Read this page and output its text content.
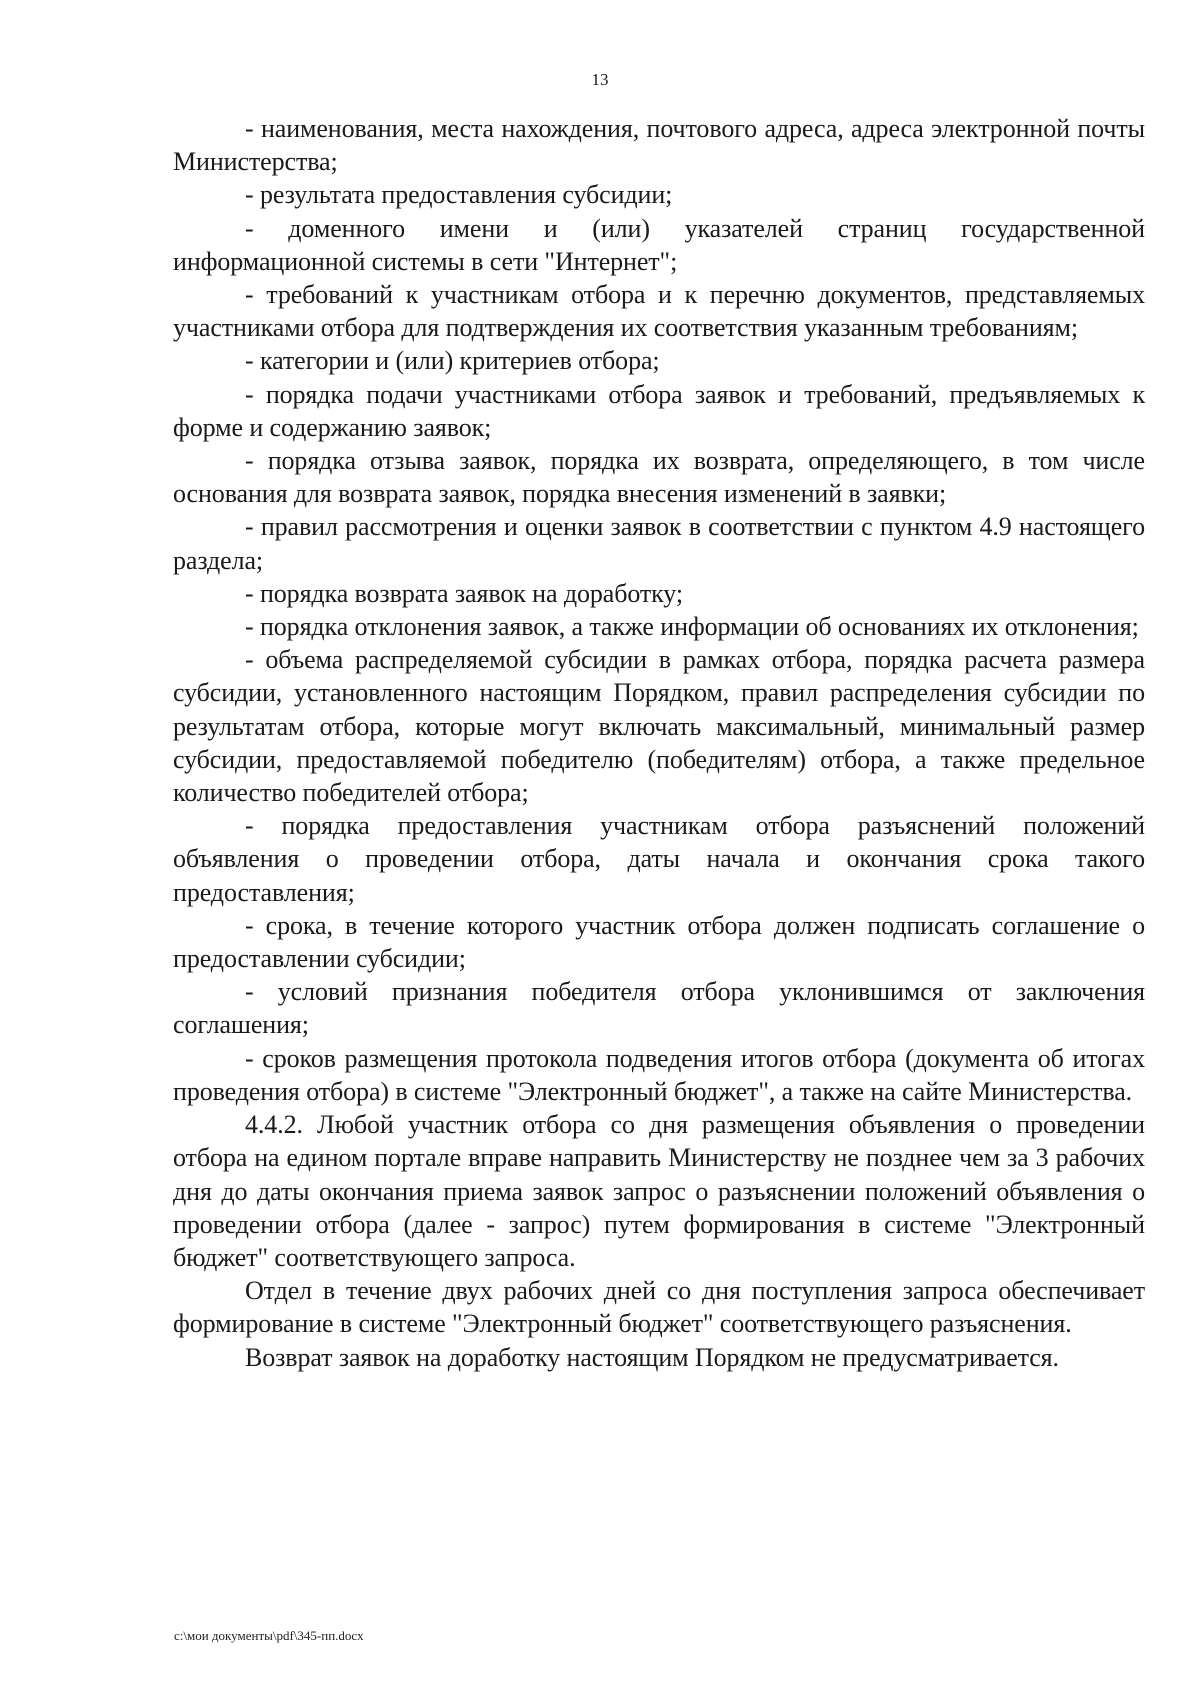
13

- наименования, места нахождения, почтового адреса, адреса электронной почты Министерства;

- результата предоставления субсидии;

- доменного имени и (или) указателей страниц государственной информационной системы в сети "Интернет";

- требований к участникам отбора и к перечню документов, представляемых участниками отбора для подтверждения их соответствия указанным требованиям;

- категории и (или) критериев отбора;

- порядка подачи участниками отбора заявок и требований, предъявляемых к форме и содержанию заявок;

- порядка отзыва заявок, порядка их возврата, определяющего, в том числе основания для возврата заявок, порядка внесения изменений в заявки;

- правил рассмотрения и оценки заявок в соответствии с пунктом 4.9 настоящего раздела;

- порядка возврата заявок на доработку;

- порядка отклонения заявок, а также информации об основаниях их отклонения;

- объема распределяемой субсидии в рамках отбора, порядка расчета размера субсидии, установленного настоящим Порядком, правил распределения субсидии по результатам отбора, которые могут включать максимальный, минимальный размер субсидии, предоставляемой победителю (победителям) отбора, а также предельное количество победителей отбора;

- порядка предоставления участникам отбора разъяснений положений объявления о проведении отбора, даты начала и окончания срока такого предоставления;

- срока, в течение которого участник отбора должен подписать соглашение о предоставлении субсидии;

- условий признания победителя отбора уклонившимся от заключения соглашения;

- сроков размещения протокола подведения итогов отбора (документа об итогах проведения отбора) в системе "Электронный бюджет", а также на сайте Министерства.

4.4.2. Любой участник отбора со дня размещения объявления о проведении отбора на едином портале вправе направить Министерству не позднее чем за 3 рабочих дня до даты окончания приема заявок запрос о разъяснении положений объявления о проведении отбора (далее - запрос) путем формирования в системе "Электронный бюджет" соответствующего запроса.

Отдел в течение двух рабочих дней со дня поступления запроса обеспечивает формирование в системе "Электронный бюджет" соответствующего разъяснения.

Возврат заявок на доработку настоящим Порядком не предусматривается.

c:\мои документы\pdf\345-пп.docx
